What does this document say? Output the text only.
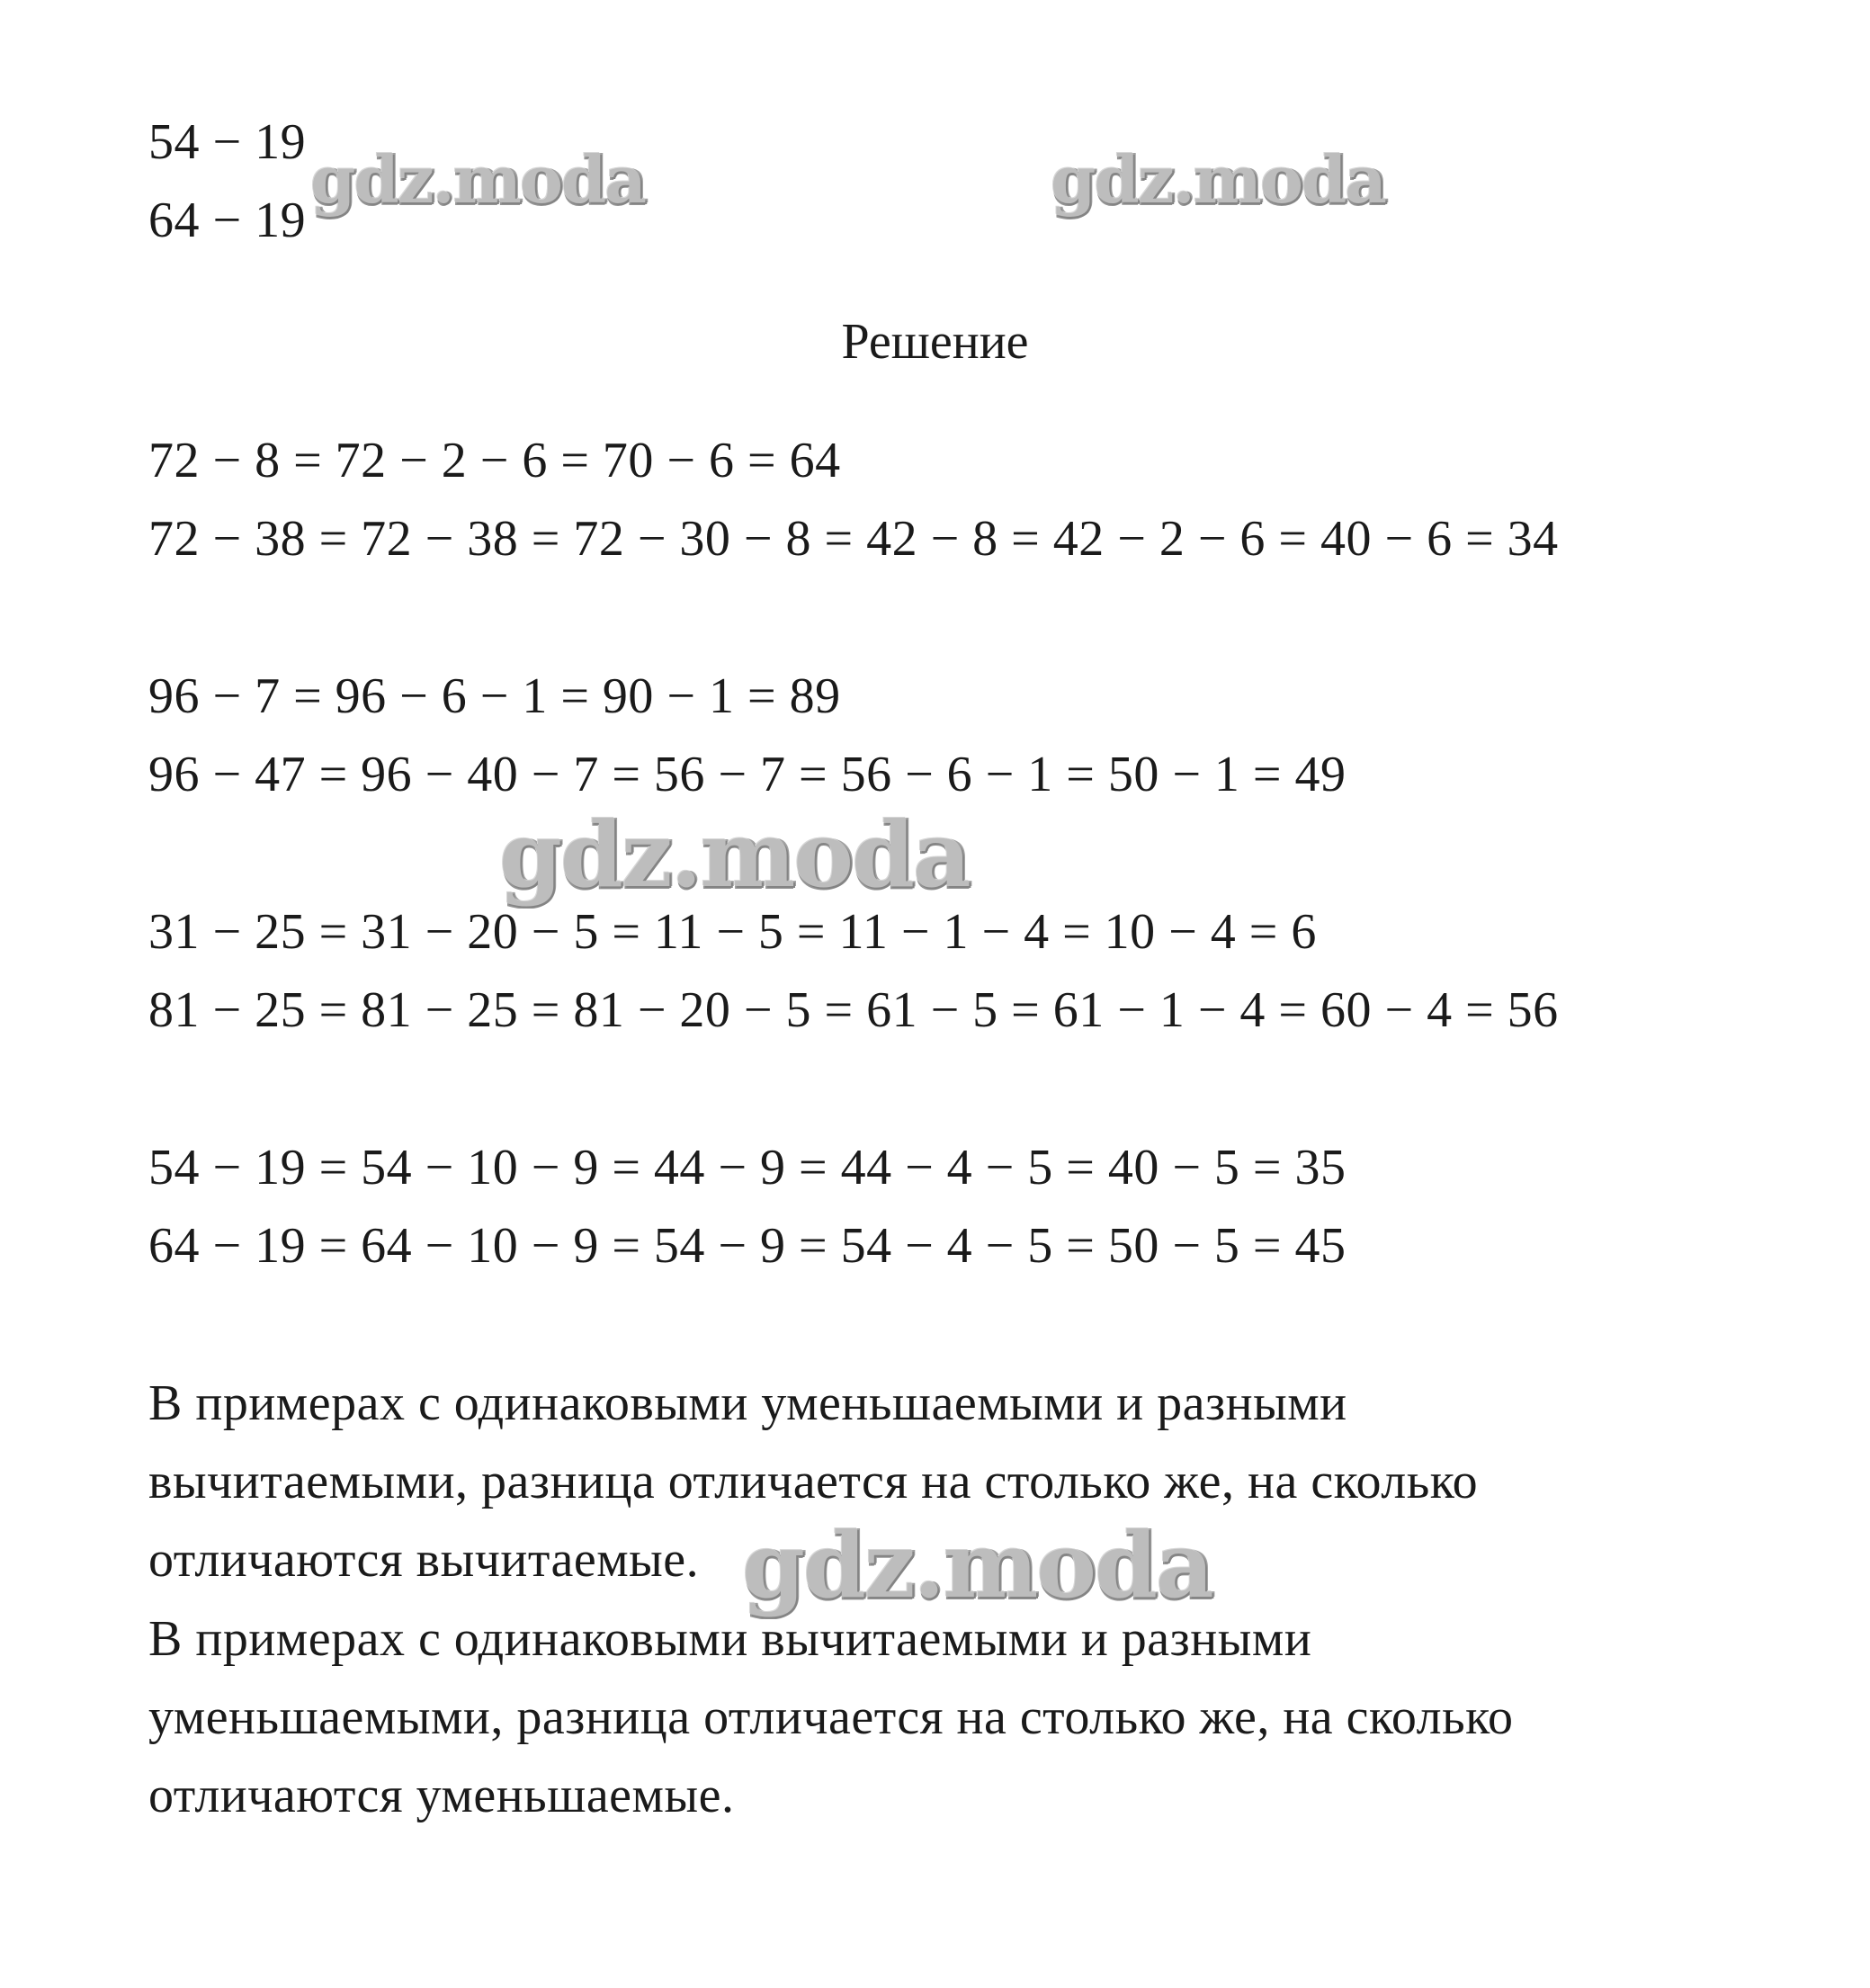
54 − 19
64 − 19
Решение
72 − 8 = 72 − 2 − 6 = 70 − 6 = 64
72 − 38 = 72 − 38 = 72 − 30 − 8 = 42 − 8 = 42 − 2 − 6 = 40 − 6 = 34
96 − 7 = 96 − 6 − 1 = 90 − 1 = 89
96 − 47 = 96 − 40 − 7 = 56 − 7 = 56 − 6 − 1 = 50 − 1 = 49
31 − 25 = 31 − 20 − 5 = 11 − 5 = 11 − 1 − 4 = 10 − 4 = 6
81 − 25 = 81 − 25 = 81 − 20 − 5 = 61 − 5 = 61 − 1 − 4 = 60 − 4 = 56
54 − 19 = 54 − 10 − 9 = 44 − 9 = 44 − 4 − 5 = 40 − 5 = 35
64 − 19 = 64 − 10 − 9 = 54 − 9 = 54 − 4 − 5 = 50 − 5 = 45
В примерах с одинаковыми уменьшаемыми и разными
вычитаемыми, разница отличается на столько же, на сколько
отличаются вычитаемые.
В примерах с одинаковыми вычитаемыми и разными
уменьшаемыми, разница отличается на столько же, на сколько
отличаются уменьшаемые.
gdz.moda	gdz.moda
gdz.moda
gdz.moda
